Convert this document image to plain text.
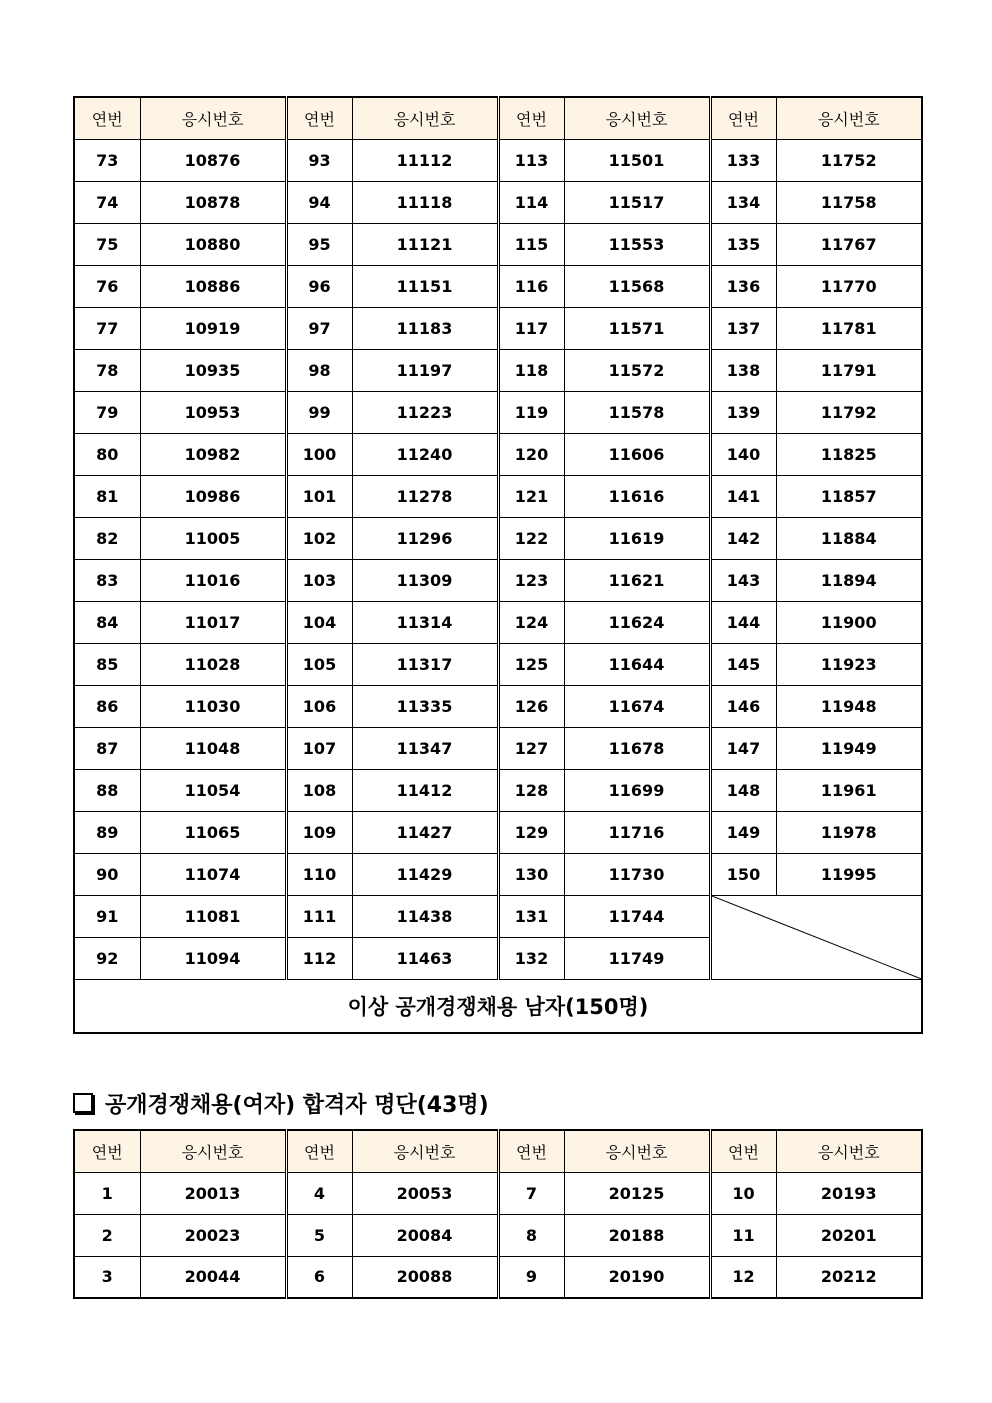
연번	응시번호	연번	응시번호	연번	응시번호	연번	응시번호
73	10876	93	11112	113	11501	133	11752
74	10878	94	11118	114	11517	134	11758
75	10880	95	11121	115	11553	135	11767
76	10886	96	11151	116	11568	136	11770
77	10919	97	11183	117	11571	137	11781
78	10935	98	11197	118	11572	138	11791
79	10953	99	11223	119	11578	139	11792
80	10982	100	11240	120	11606	140	11825
81	10986	101	11278	121	11616	141	11857
82	11005	102	11296	122	11619	142	11884
83	11016	103	11309	123	11621	143	11894
84	11017	104	11314	124	11624	144	11900
85	11028	105	11317	125	11644	145	11923
86	11030	106	11335	126	11674	146	11948
87	11048	107	11347	127	11678	147	11949
88	11054	108	11412	128	11699	148	11961
89	11065	109	11427	129	11716	149	11978
90	11074	110	11429	130	11730	150	11995
91	11081	111	11438	131	11744	

92	11094	112	11463	132	11749		
이상 공개경쟁채용 남자(150명)							
공개경쟁채용(여자) 합격자 명단(43명)
연번	응시번호	연번	응시번호	연번	응시번호	연번	응시번호
1	20013	4	20053	7	20125	10	20193
2	20023	5	20084	8	20188	11	20201
3	20044	6	20088	9	20190	12	20212
